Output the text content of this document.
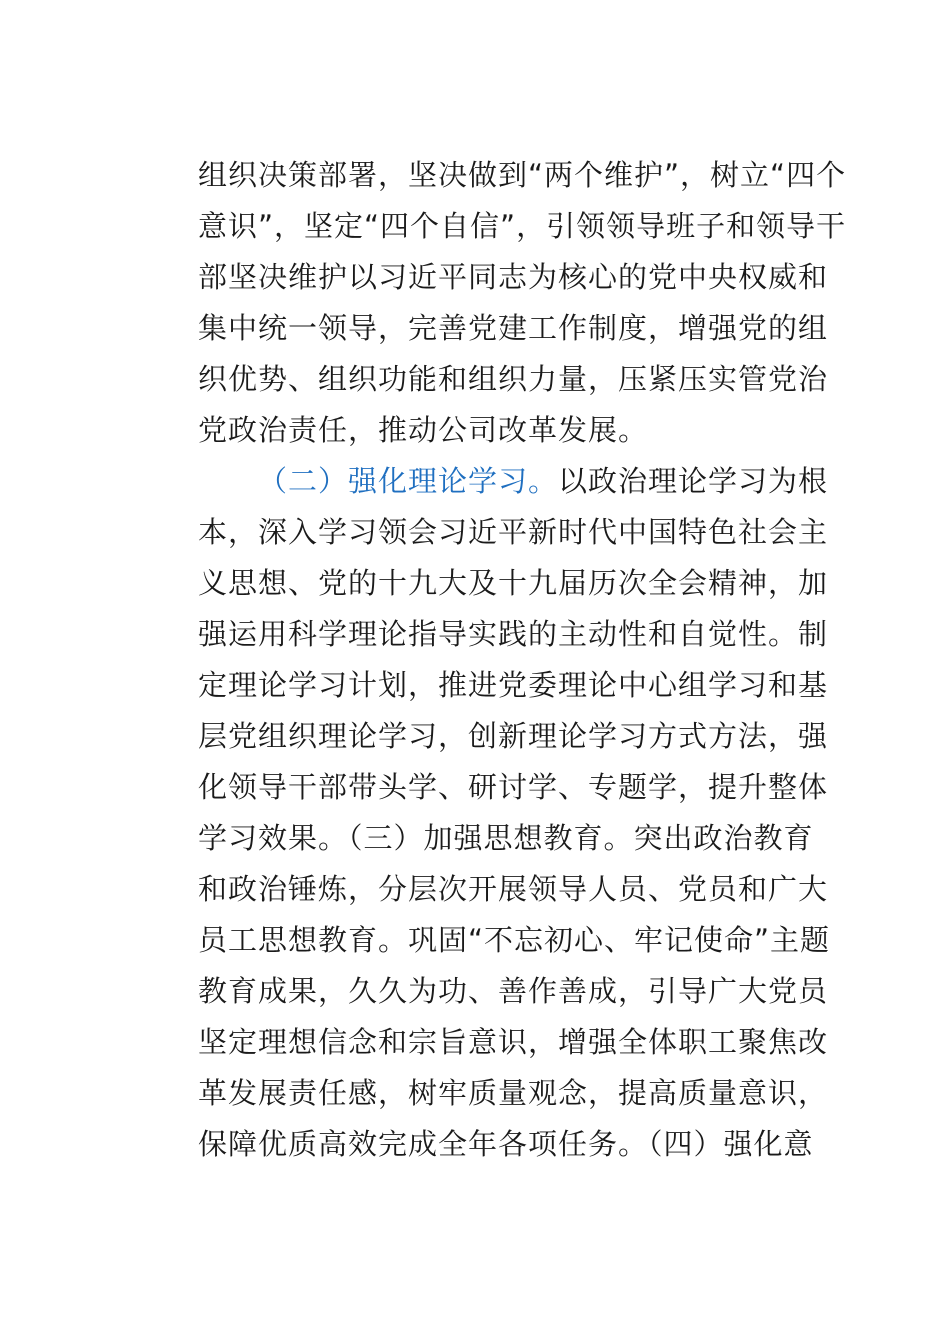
组织决策部署，坚决做到“两个维护”，树立“四个
意识”，坚定“四个自信”，引领领导班子和领导干
部坚决维护以习近平同志为核心的党中央权威和
集中统一领导，完善党建工作制度，增强党的组
织优势、组织功能和组织力量，压紧压实管党治
党政治责任，推动公司改革发展。
（二）强化理论学习。以政治理论学习为根
本，深入学习领会习近平新时代中国特色社会主
义思想、党的十九大及十九届历次全会精神，加
强运用科学理论指导实践的主动性和自觉性。制
定理论学习计划，推进党委理论中心组学习和基
层党组织理论学习，创新理论学习方式方法，强
化领导干部带头学、研讨学、专题学，提升整体
学习效果。（三）加强思想教育。突出政治教育
和政治锤炼，分层次开展领导人员、党员和广大
员工思想教育。巩固“不忘初心、牢记使命”主题
教育成果，久久为功、善作善成，引导广大党员
坚定理想信念和宗旨意识，增强全体职工聚焦改
革发展责任感，树牢质量观念，提高质量意识，
保障优质高效完成全年各项任务。（四）强化意
